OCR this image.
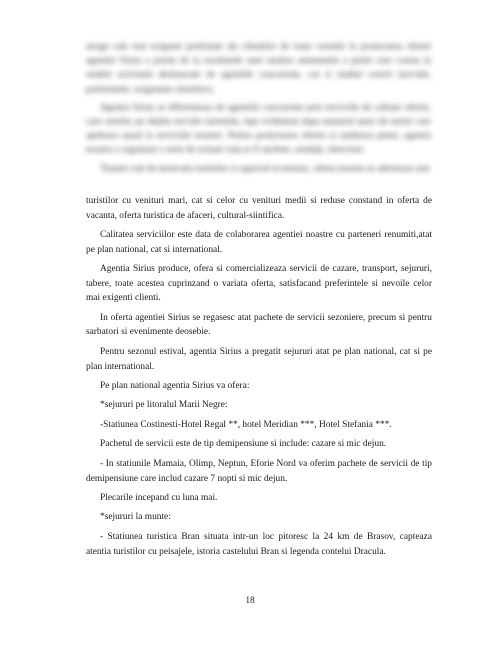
atrage cele mai exigente preferinte ale clientilor de toate varstele in proiectarea ofertei agentiei Sirius a pornit de la rezultatele unei analize amanuntite a pietei care consta in studiul activitatii desfasurate de agentiile concurente, cat si studiul cererii (nevoile, preferintele, exigentele clientilor).

Agentia Sirius se diferentiaza de agentiile concurente prin serviciile de calitate oferite, care satisfac pe deplin nevoile turistului, fapt evidentiat dupa numarul mare de turisti care apeleaza anual la serviciile noastre. Pentru proiectarea ofertei si studierea pietei, agentia noastra a organizat o serie de actiuni cum ar fi anchete, sondaje, interviuri.

Tinand cont de motivatia turistilor si aspectul economic, oferta noastra se adreseaza atat

turistilor cu venituri mari, cat si celor cu venituri medii si reduse constand in oferta de vacanta, oferta turistica de afaceri, cultural-siintifica.

Calitatea serviciilor este data de colaborarea agentiei noastre cu parteneri renumiti,atat pe plan national, cat si international.

Agentia Sirius produce, ofera si comercializeaza servicii de cazare, transport, sejururi, tabere, toate acestea cuprinzand o variata oferta, satisfacand preferintele si nevoile celor mai exigenti clienti.

In oferta agentiei Sirius se regasesc atat pachete de servicii sezoniere, precum si pentru sarbatori si evenimente deosebie.

Pentru sezonul estival, agentia Sirius a pregatit sejururi atat pe plan national, cat si pe plan international.

Pe plan national agentia Sirius va ofera:

*sejururi pe litoralul Marii Negre:

-Statiunea Costinesti-Hotel Regal **, hotel Meridian ***, Hotel Stefania ***.

Pachetul de servicii este de tip demipensiune si include: cazare si mic dejun.

- In statiunile Mamaia, Olimp, Neptun, Eforie Nord va oferim pachete de servicii de tip demipensiune care includ cazare 7 nopti si mic dejun.

Plecarile incepand cu luna mai.

*sejururi la munte:

- Statiunea turistica Bran situata intr-un loc pitoresc la 24 km de Brasov, capteaza atentia turistilor cu peisajele, istoria castelului Bran si legenda contelui Dracula.

18
